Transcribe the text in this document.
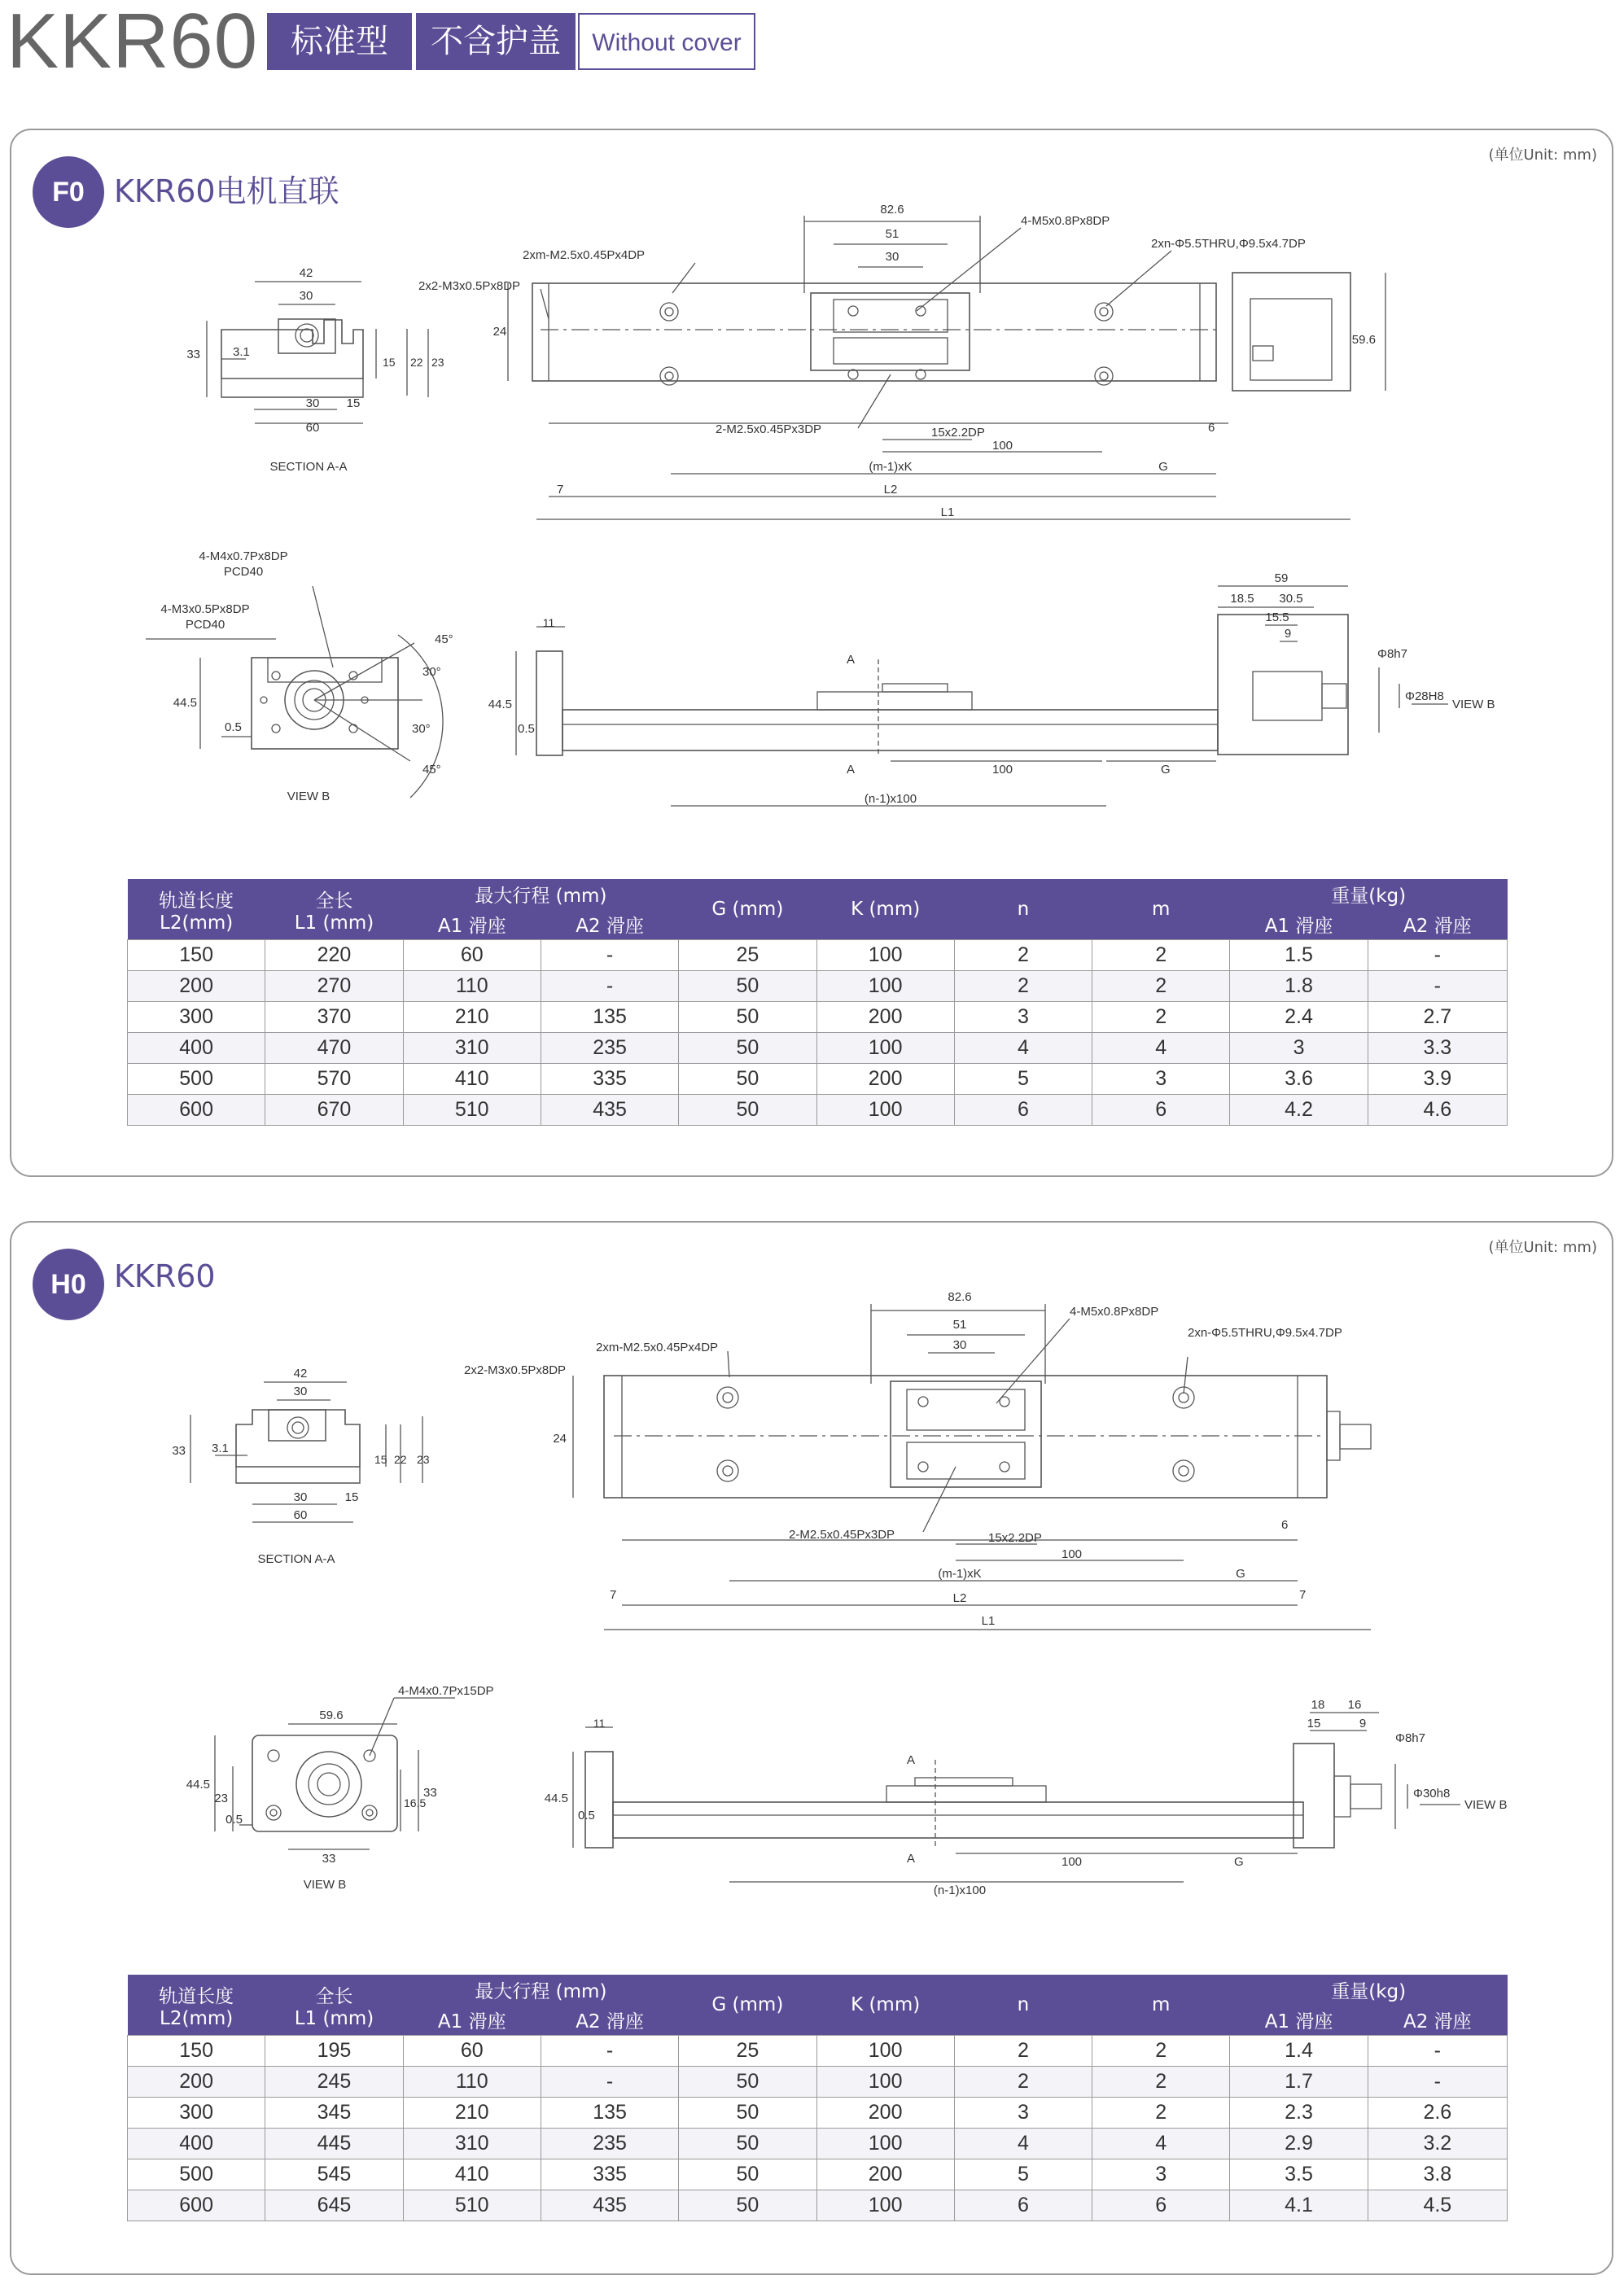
KKR60 标准型	不含护盖	Without cover
(单位Unit: mm)
F0 KKR60电机直联
42
30
33	3.1
15 22 23
30 15
60
SECTION A-A
82.6
51
30
4-M5x0.8Px8DP
2xm-M2.5x0.45Px4DP
2xn-Φ5.5THRU,Φ9.5x4.7DP
2x2-M3x0.5Px8DP
24
59.6
2-M2.5x0.45Px3DP	15x2.2DP
100
6
(m-1)xK	G
7	L2
L1
4-M4x0.7Px8DP
PCD40
4-M3x0.5Px8DP
PCD40
45°
30°
30°
45°
44.5
0.5
VIEW B
11
44.5
0.5
A
A	100	G
(n-1)x100
59
18.5 30.5
15.5
9
Φ8h7
Φ28H8
VIEW B
轨道长度
L2(mm)	全长
L1 (mm)	最大行程 (mm)		G (mm)	K (mm)	n	m	重量(kg)	
		A1 滑座	A2 滑座					A1 滑座	A2 滑座
150	220	60	-	25	100	2	2	1.5	-
200	270	110	-	50	100	2	2	1.8	-
300	370	210	135	50	200	3	2	2.4	2.7
400	470	310	235	50	100	4	4	3	3.3
500	570	410	335	50	200	5	3	3.6	3.9
600	670	510	435	50	100	6	6	4.2	4.6
(单位Unit: mm)
H0 KKR60
42
30
33 3.1
15 22 23
30	15
60
SECTION A-A
82.6
51
30
4-M5x0.8Px8DP
2xm-M2.5x0.45Px4DP
2xn-Φ5.5THRU,Φ9.5x4.7DP
2x2-M3x0.5Px8DP
24
2-M2.5x0.45Px3DP	15x2.2DP
100
6
(m-1)xK	G
7	7
L2
L1
59.6
4-M4x0.7Px15DP
44.5
23
0.5
33
16.5
33
VIEW B
11
44.5
0.5
A
A	100	G
(n-1)x100
18 16
15	9
Φ8h7
Φ30h8
VIEW B
轨道长度
L2(mm)	全长
L1 (mm)	最大行程 (mm)		G (mm)	K (mm)	n	m	重量(kg)	
		A1 滑座	A2 滑座					A1 滑座	A2 滑座
150	195	60	-	25	100	2	2	1.4	-
200	245	110	-	50	100	2	2	1.7	-
300	345	210	135	50	200	3	2	2.3	2.6
400	445	310	235	50	100	4	4	2.9	3.2
500	545	410	335	50	200	5	3	3.5	3.8
600	645	510	435	50	100	6	6	4.1	4.5
